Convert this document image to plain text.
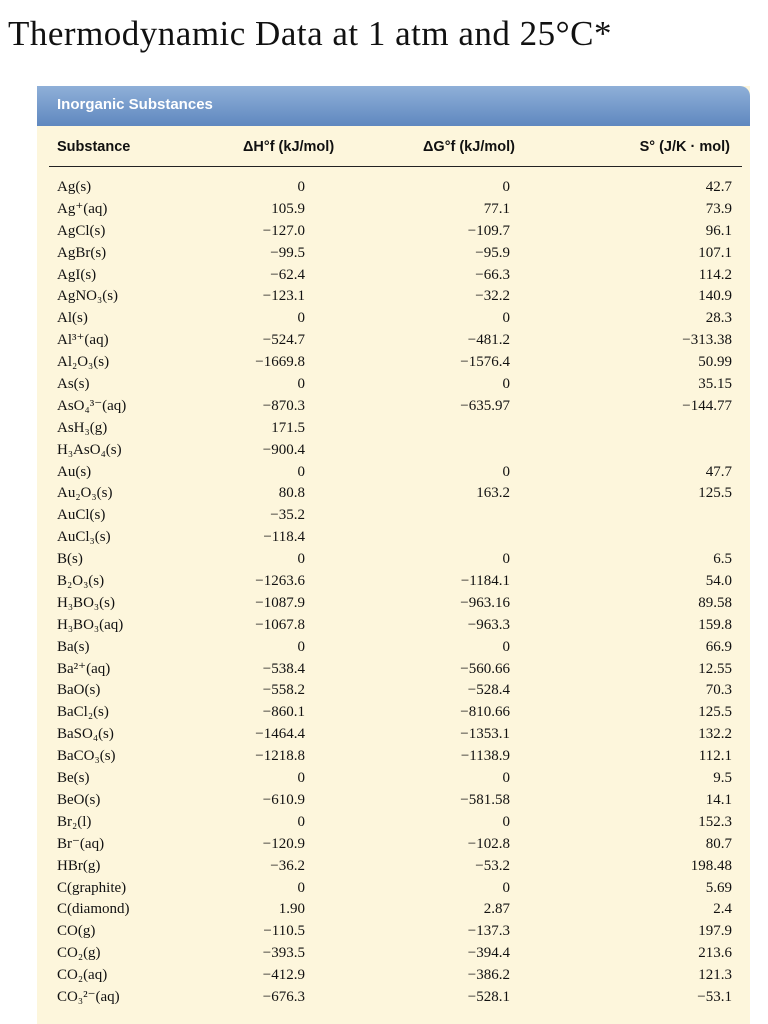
Thermodynamic Data at 1 atm and 25°C*
Inorganic Substances
Substance	ΔH°f (kJ/mol)	ΔG°f (kJ/mol)	S° (J/K · mol)
Ag(s)	0	0	42.7
Ag⁺(aq)	105.9	77.1	73.9
AgCl(s)	−127.0	−109.7	96.1
AgBr(s)	−99.5	−95.9	107.1
AgI(s)	−62.4	−66.3	114.2
AgNO₃(s)	−123.1	−32.2	140.9
Al(s)	0	0	28.3
Al³⁺(aq)	−524.7	−481.2	−313.38
Al₂O₃(s)	−1669.8	−1576.4	50.99
As(s)	0	0	35.15
AsO₄³⁻(aq)	−870.3	−635.97	−144.77
AsH₃(g)	171.5
H₃AsO₄(s)	−900.4
Au(s)	0	0	47.7
Au₂O₃(s)	80.8	163.2	125.5
AuCl(s)	−35.2
AuCl₃(s)	−118.4
B(s)	0	0	6.5
B₂O₃(s)	−1263.6	−1184.1	54.0
H₃BO₃(s)	−1087.9	−963.16	89.58
H₃BO₃(aq)	−1067.8	−963.3	159.8
Ba(s)	0	0	66.9
Ba²⁺(aq)	−538.4	−560.66	12.55
BaO(s)	−558.2	−528.4	70.3
BaCl₂(s)	−860.1	−810.66	125.5
BaSO₄(s)	−1464.4	−1353.1	132.2
BaCO₃(s)	−1218.8	−1138.9	112.1
Be(s)	0	0	9.5
BeO(s)	−610.9	−581.58	14.1
Br₂(l)	0	0	152.3
Br⁻(aq)	−120.9	−102.8	80.7
HBr(g)	−36.2	−53.2	198.48
C(graphite)	0	0	5.69
C(diamond)	1.90	2.87	2.4
CO(g)	−110.5	−137.3	197.9
CO₂(g)	−393.5	−394.4	213.6
CO₂(aq)	−412.9	−386.2	121.3
CO₃²⁻(aq)	−676.3	−528.1	−53.1
